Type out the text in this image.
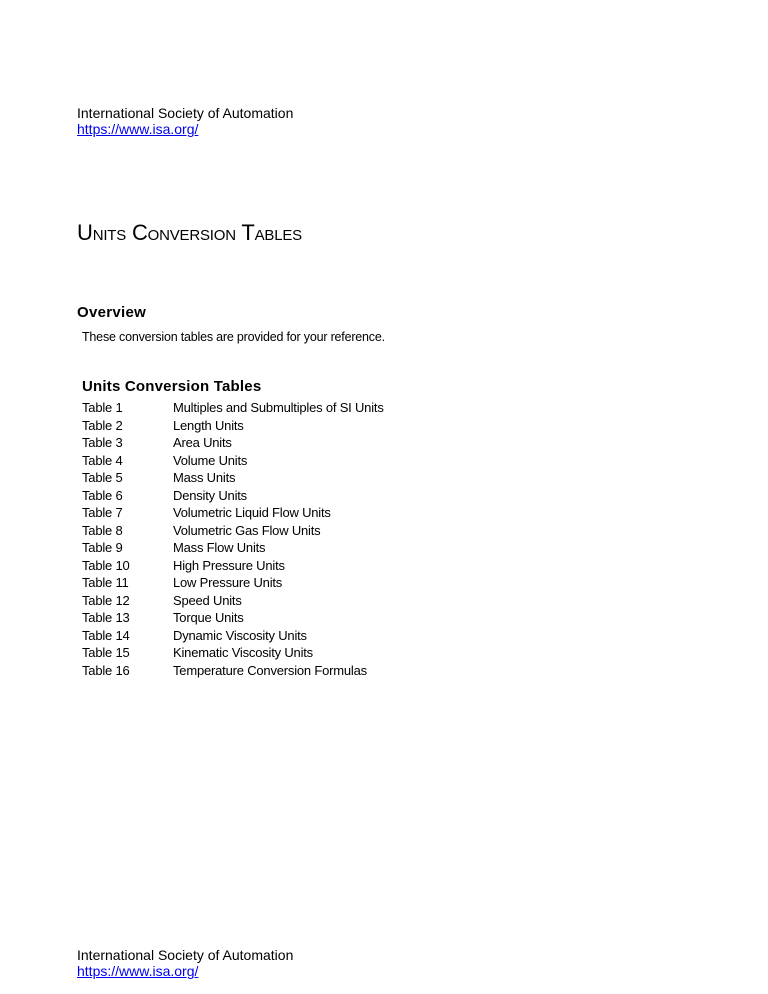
International Society of Automation
https://www.isa.org/
Units Conversion Tables
Overview

These conversion tables are provided for your reference.

Units Conversion Tables
Table 1	Multiples and Submultiples of SI Units
Table 2	Length Units
Table 3	Area Units
Table 4	Volume Units
Table 5	Mass Units
Table 6	Density Units
Table 7	Volumetric Liquid Flow Units
Table 8	Volumetric Gas Flow Units
Table 9	Mass Flow Units
Table 10	High Pressure Units
Table 11	Low Pressure Units
Table 12	Speed Units
Table 13	Torque Units
Table 14	Dynamic Viscosity Units
Table 15	Kinematic Viscosity Units
Table 16	Temperature Conversion Formulas
International Society of Automation
https://www.isa.org/
